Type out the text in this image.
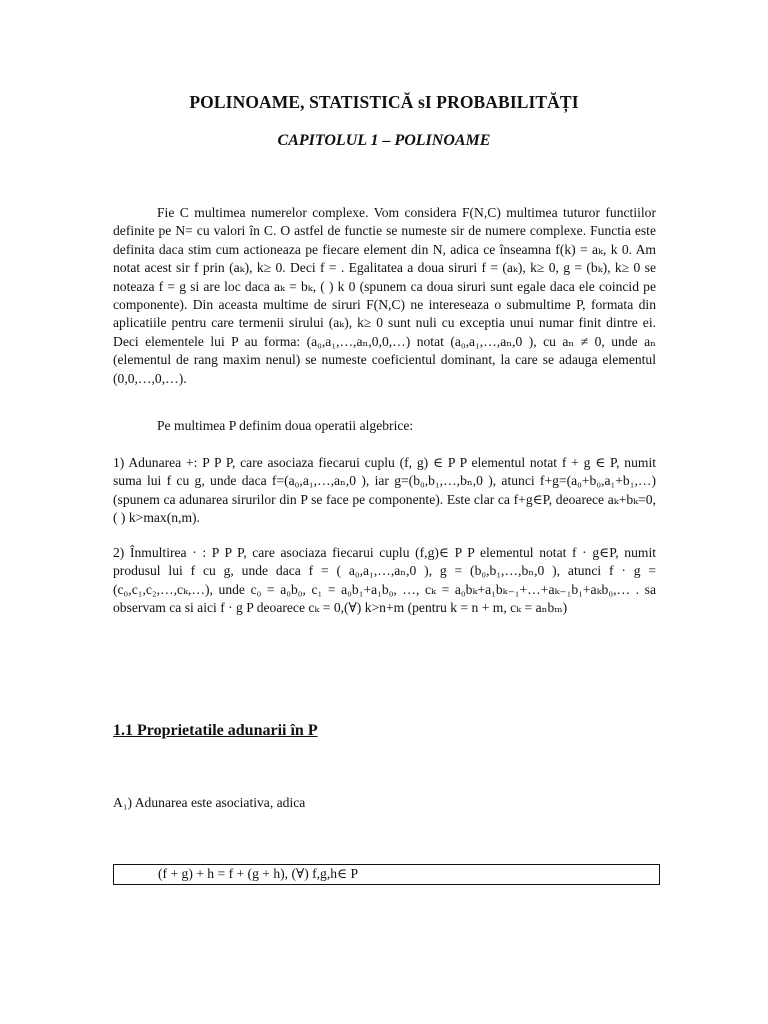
POLINOAME, STATISTICĂ sI PROBABILITĂȚI
CAPITOLUL 1 – POLINOAME
Fie C multimea numerelor complexe. Vom considera F(N,C) multimea tuturor functiilor definite pe N= cu valori în C. O astfel de functie se numeste sir de numere complexe. Functia este definita daca stim cum actioneaza pe fiecare element din N, adica ce înseamna f(k) = aₖ, k 0. Am notat acest sir f prin (aₖ), k≥ 0. Deci f = . Egalitatea a doua siruri f = (aₖ), k≥ 0, g = (bₖ), k≥ 0 se noteaza f = g si are loc daca aₖ = bₖ, ( ) k 0 (spunem ca doua siruri sunt egale daca ele coincid pe componente). Din aceasta multime de siruri F(N,C) ne intereseaza o submultime P, formata din aplicatiile pentru care termenii sirului (aₖ), k≥ 0 sunt nuli cu exceptia unui numar finit dintre ei. Deci elementele lui P au forma: (a₀,a₁,…,aₙ,0,0,…) notat (a₀,a₁,…,aₙ,0 ), cu aₙ ≠ 0, unde aₙ (elementul de rang maxim nenul) se numeste coeficientul dominant, la care se adauga elementul (0,0,…,0,…).
Pe multimea P definim doua operatii algebrice:
1) Adunarea +: P P P, care asociaza fiecarui cuplu (f, g) ∈ P P elementul notat f + g ∈ P, numit suma lui f cu g, unde daca f=(a₀,a₁,…,aₙ,0 ), iar g=(b₀,b₁,…,bₙ,0 ), atunci f+g=(a₀+b₀,a₁+b₁,…) (spunem ca adunarea sirurilor din P se face pe componente). Este clar ca f+g∈P, deoarece aₖ+bₖ=0,( ) k>max(n,m).
2) Înmultirea · : P P P, care asociaza fiecarui cuplu (f,g)∈ P P elementul notat f · g∈P, numit produsul lui f cu g, unde daca f = ( a₀,a₁,…,aₙ,0 ), g = (b₀,b₁,…,bₙ,0 ), atunci f · g = (c₀,c₁,c₂,…,cₖ,…), unde c₀ = a₀b₀, c₁ = a₀b₁+a₁b₀, …, cₖ = a₀bₖ+a₁bₖ₋₁+…+aₖ₋₁b₁+aₖb₀,… . sa observam ca si aici f · g P deoarece cₖ = 0,(∀) k>n+m (pentru k = n + m, cₖ = aₙbₘ)
1.1 Proprietatile adunarii în P
A₁) Adunarea este asociativa, adica
(f + g) + h = f + (g + h), (∀) f,g,h∈ P
